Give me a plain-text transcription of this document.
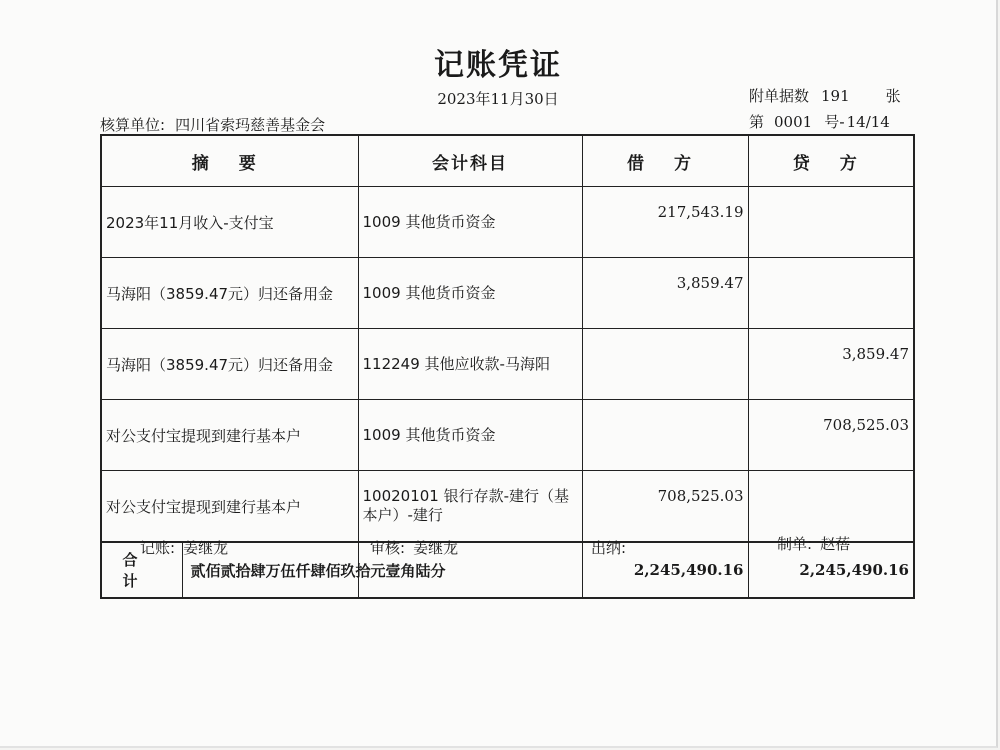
记账凭证
2023年11月30日
核算单位: 四川省索玛慈善基金会
附单据数 191 张
第 0001 号- 14/14
摘 要	会计科目	借 方	贷 方
2023年11月收入-支付宝	1009 其他货币资金	217,543.19	
马海阳（3859.47元）归还备用金	1009 其他货币资金	3,859.47	
马海阳（3859.47元）归还备用金	112249 其他应收款-马海阳		3,859.47
对公支付宝提现到建行基本户	1009 其他货币资金		708,525.03
对公支付宝提现到建行基本户	10020101 银行存款-建行（基本户）-建行	708,525.03	

合 计	贰佰贰拾肆万伍仟肆佰玖拾元壹角陆分	2,245,490.16	2,245,490.16
记账: 姜继龙	审核: 姜继龙	出纳:	制单: 赵蓓
